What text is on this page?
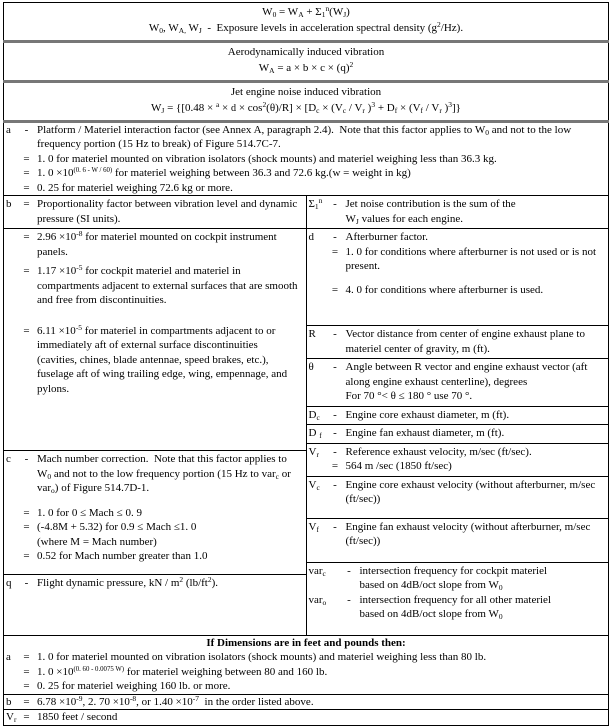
$W_0 = W_A + \Sigma_1^n(W_J)$
$W_0$, $W_{A,}$ $W_J$  -  Exposure levels in acceleration spectral density $(g^2/Hz)$.

Aerodynamically induced vibration
$W_A = a \times b \times c \times (q)^2$

Jet engine noise induced vibration
$W_J = \{[0.48 \times ^a \times d \times \cos^2(\theta)/R] \times [D_c \times (V_c / V_r$ )$^3 + D_f \times (V_f / V_r$ )$^3$]}

a	-	Platform / Materiel interaction factor (see Annex A, paragraph 2.4).  Note that this factor applies to $W_0$ and not to the low frequency portion (15 Hz to break) of Figure 514.7C-7.
	=	1. 0 for materiel mounted on vibration isolators (shock mounts) and materiel weighing less than 36.3 kg.
	=	1. $0 \times 10^{(0. 6 - W / 60)}$ for materiel weighing between 36.3 and 72.6 kg.(w = weight in kg)
	=	0. 25 for materiel weighing 72.6 kg or more.

b	=	Proportionality factor between vibration level and dynamic pressure (SI units).
	=	$2.96 \times 10^{-8}$ for materiel mounted on cockpit instrument panels.

	=	$1.17 \times 10^{-5}$ for cockpit materiel and materiel in compartments adjacent to external surfaces that are smooth and free from discontinuities.

	=	$6.11 \times 10^{-5}$ for materiel in compartments adjacent to or immediately aft of external surface discontinuities
		(cavities, chines, blade antennae, speed brakes, etc.), fuselage aft of wing trailing edge, wing, empennage, and pylons.
c	-	Mach number correction.  Note that this factor applies to $W_0$ and not to the low frequency portion (15 Hz to var$_c$ or var$_o$) of Figure 514.7D-1.

	=	1. 0 for 0 ≤ Mach ≤ 0. 9
	=	(-4.8M + 5.32) for 0.9 ≤ Mach ≤1. 0
		(where M = Mach number)
	=	0.52 for Mach number greater than 1.0
q	-	Flight dynamic pressure, kN / $m^2$ $(lb/ft^2)$.

$\Sigma_1^n$	-	Jet noise contribution is the sum of the
$W_J$ values for each engine.
d	-	Afterburner factor.
	=	1. 0 for conditions where afterburner is not used or is not present.

	=	4. 0 for conditions where afterburner is used.
R	-	Vector distance from center of engine exhaust plane to materiel center of gravity, m (ft).
θ	-	Angle between R vector and engine exhaust vector (aft along engine exhaust centerline), degrees
For 70 °< θ ≤ 180 ° use 70 °.
$D_c$	-	Engine core exhaust diameter, m (ft).
D $_f$	-	Engine fan exhaust diameter, m (ft).
$V_r$	-	Reference exhaust velocity, m/sec (ft/sec).
	=	564 m /sec (1850 ft/sec)
$V_c$	-	Engine core exhaust velocity (without afterburner, m/sec (ft/sec))
$V_f$	-	Engine fan exhaust velocity (without afterburner, m/sec (ft/sec))
var$_c$	-	intersection frequency for cockpit materiel
based on 4dB/oct slope from $W_0$
var$_o$	-	intersection frequency for all other materiel
based on 4dB/oct slope from $W_0$

If Dimensions are in feet and pounds then:
a	=	1. 0 for materiel mounted on vibration isolators (shock mounts) and materiel weighing less than 80 lb.
	=	1. $0 \times 10^{(0. 60 - 0.0075 W)}$ for materiel weighing between 80 and 160 lb.
	=	0. 25 for materiel weighing 160 lb. or more.

b	=	$6.78 \times 10^{-9}$, 2. $70 \times 10^{-8}$, or $1.40 \times 10^{-7}$  in the order listed above.

$V_r$	=	1850 feet / second
